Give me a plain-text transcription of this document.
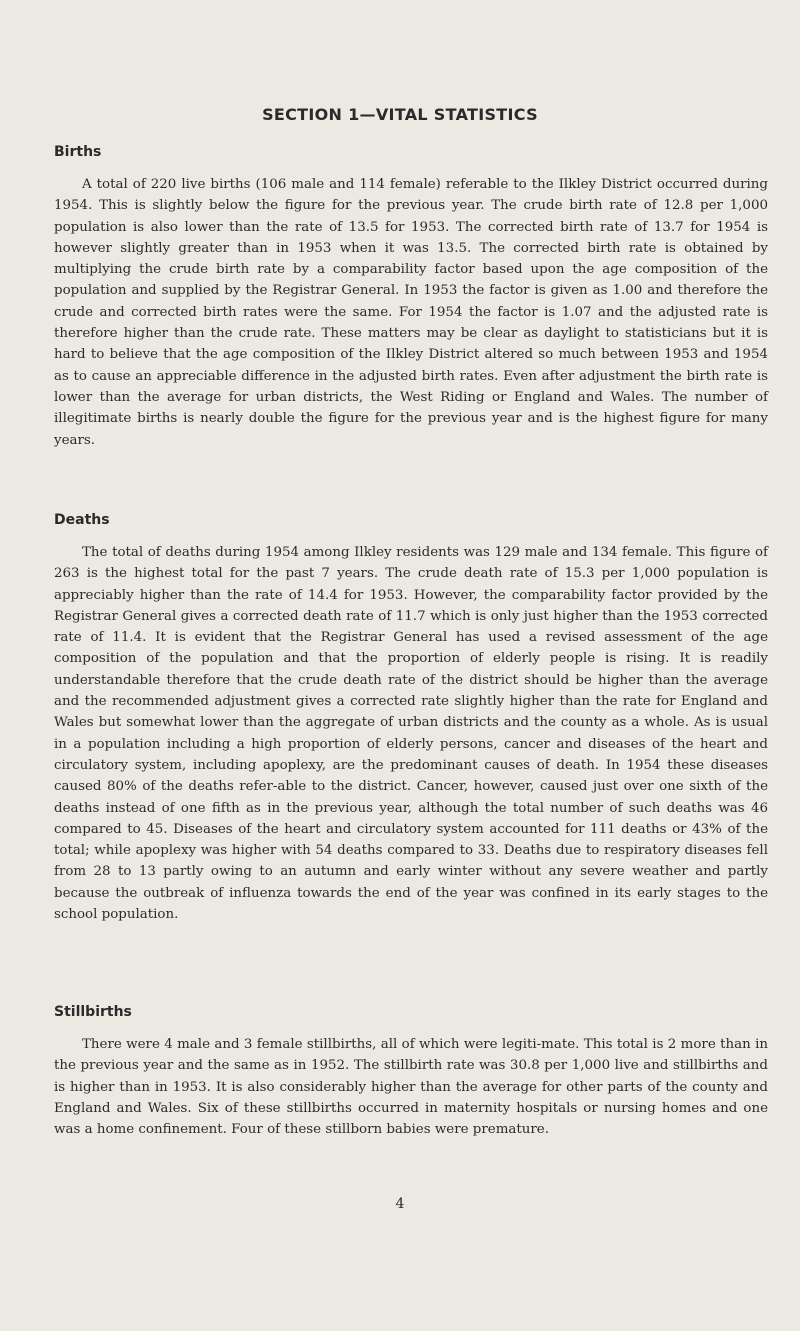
SECTION 1—VITAL STATISTICS
Births

A total of 220 live births (106 male and 114 female) referable to the Ilkley District occurred during 1954. This is slightly below the figure for the previous year. The crude birth rate of 12.8 per 1,000 population is also lower than the rate of 13.5 for 1953. The corrected birth rate of 13.7 for 1954 is however slightly greater than in 1953 when it was 13.5. The corrected birth rate is obtained by multiplying the crude birth rate by a comparability factor based upon the age composition of the population and supplied by the Registrar General. In 1953 the factor is given as 1.00 and therefore the crude and corrected birth rates were the same. For 1954 the factor is 1.07 and the adjusted rate is therefore higher than the crude rate. These matters may be clear as daylight to statisticians but it is hard to believe that the age composition of the Ilkley District altered so much between 1953 and 1954 as to cause an appreciable difference in the adjusted birth rates. Even after adjustment the birth rate is lower than the average for urban districts, the West Riding or England and Wales. The number of illegitimate births is nearly double the figure for the previous year and is the highest figure for many years.

Deaths

The total of deaths during 1954 among Ilkley residents was 129 male and 134 female. This figure of 263 is the highest total for the past 7 years. The crude death rate of 15.3 per 1,000 population is appreciably higher than the rate of 14.4 for 1953. However, the comparability factor provided by the Registrar General gives a corrected death rate of 11.7 which is only just higher than the 1953 corrected rate of 11.4. It is evident that the Registrar General has used a revised assessment of the age composition of the population and that the proportion of elderly people is rising. It is readily understandable therefore that the crude death rate of the district should be higher than the average and the recommended adjustment gives a corrected rate slightly higher than the rate for England and Wales but somewhat lower than the aggregate of urban districts and the county as a whole. As is usual in a population including a high proportion of elderly persons, cancer and diseases of the heart and circulatory system, including apoplexy, are the predominant causes of death. In 1954 these diseases caused 80% of the deaths refer-able to the district. Cancer, however, caused just over one sixth of the deaths instead of one fifth as in the previous year, although the total number of such deaths was 46 compared to 45. Diseases of the heart and circulatory system accounted for 111 deaths or 43% of the total; while apoplexy was higher with 54 deaths compared to 33. Deaths due to respiratory diseases fell from 28 to 13 partly owing to an autumn and early winter without any severe weather and partly because the outbreak of influenza towards the end of the year was confined in its early stages to the school population.

Stillbirths

There were 4 male and 3 female stillbirths, all of which were legiti-mate. This total is 2 more than in the previous year and the same as in 1952. The stillbirth rate was 30.8 per 1,000 live and stillbirths and is higher than in 1953. It is also considerably higher than the average for other parts of the county and England and Wales. Six of these stillbirths occurred in maternity hospitals or nursing homes and one was a home confinement. Four of these stillborn babies were premature.

4
